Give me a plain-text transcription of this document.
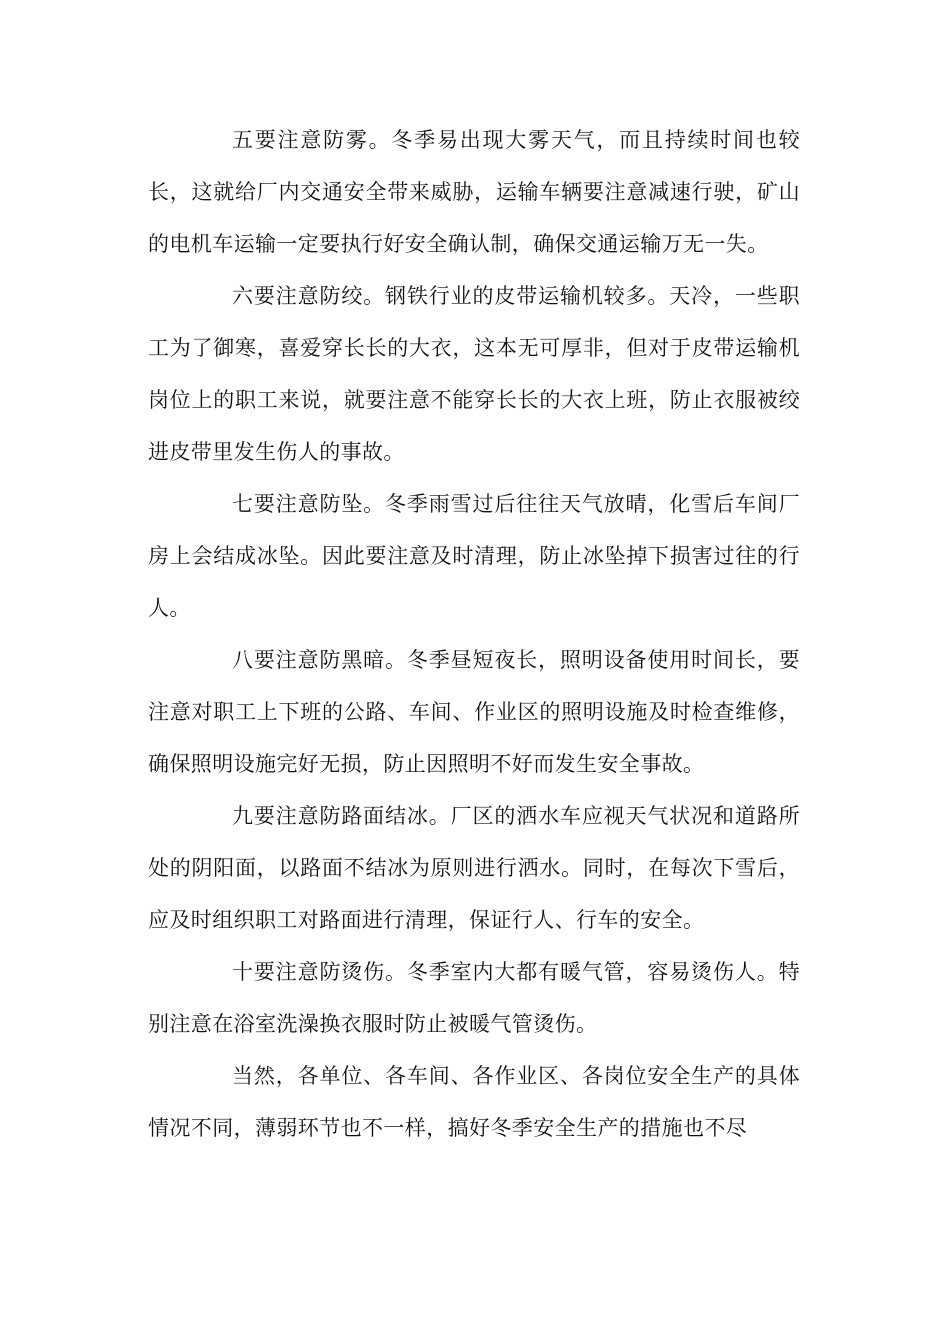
五要注意防雾。冬季易出现大雾天气，而且持续时间也较长，这就给厂内交通安全带来威胁，运输车辆要注意减速行驶，矿山的电机车运输一定要执行好安全确认制，确保交通运输万无一失。

六要注意防绞。钢铁行业的皮带运输机较多。天冷，一些职工为了御寒，喜爱穿长长的大衣，这本无可厚非，但对于皮带运输机岗位上的职工来说，就要注意不能穿长长的大衣上班，防止衣服被绞进皮带里发生伤人的事故。

七要注意防坠。冬季雨雪过后往往天气放晴，化雪后车间厂房上会结成冰坠。因此要注意及时清理，防止冰坠掉下损害过往的行人。

八要注意防黑暗。冬季昼短夜长，照明设备使用时间长，要注意对职工上下班的公路、车间、作业区的照明设施及时检查维修，确保照明设施完好无损，防止因照明不好而发生安全事故。

九要注意防路面结冰。厂区的洒水车应视天气状况和道路所处的阴阳面，以路面不结冰为原则进行洒水。同时，在每次下雪后，应及时组织职工对路面进行清理，保证行人、行车的安全。

十要注意防烫伤。冬季室内大都有暖气管，容易烫伤人。特别注意在浴室洗澡换衣服时防止被暖气管烫伤。

当然，各单位、各车间、各作业区、各岗位安全生产的具体情况不同，薄弱环节也不一样，搞好冬季安全生产的措施也不尽
